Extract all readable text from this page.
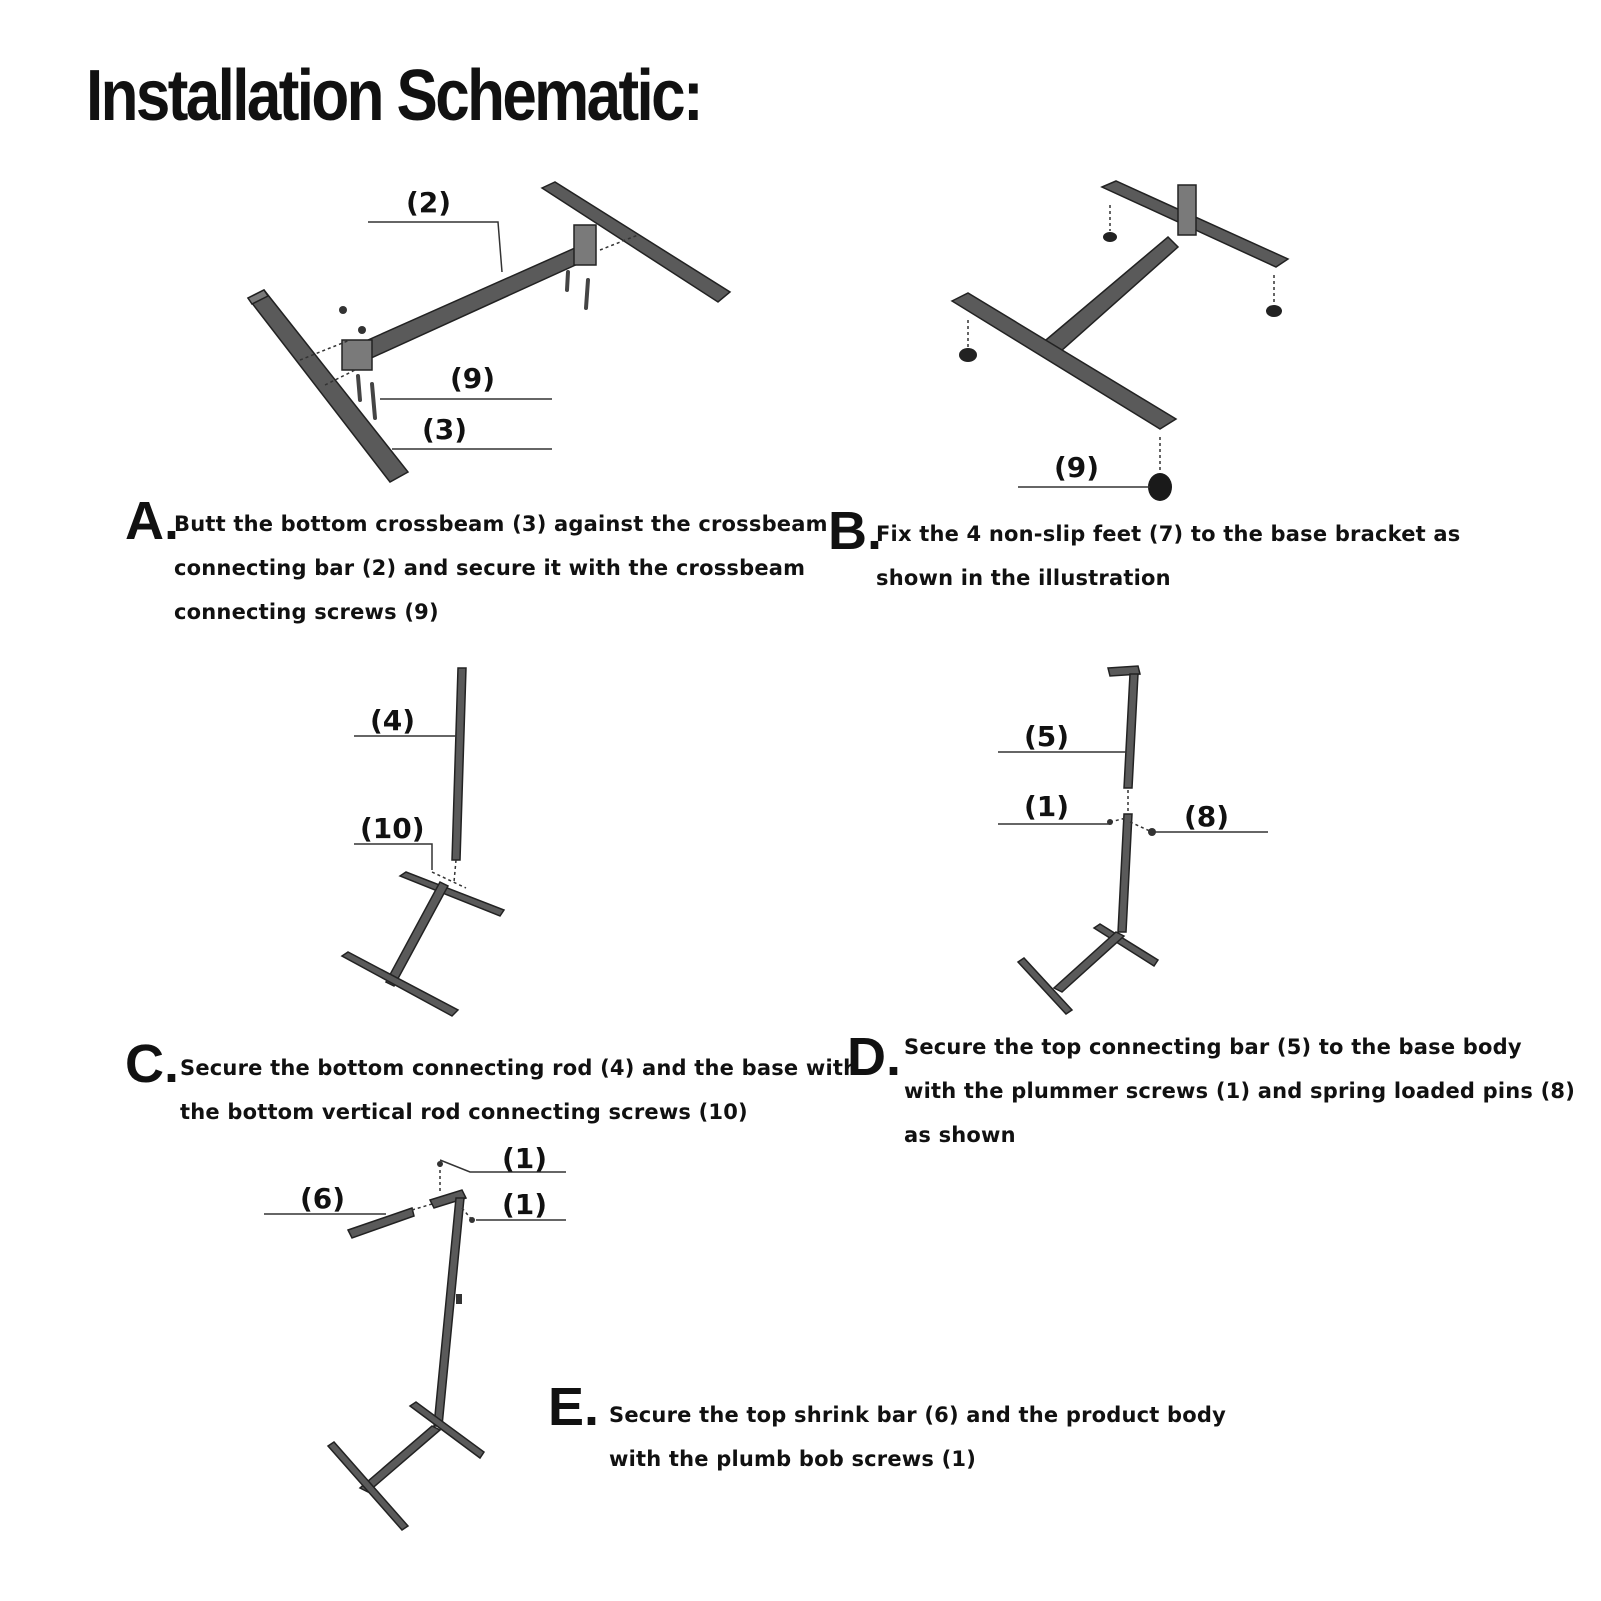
Installation Schematic:
(2)
(9)
(3)
A.
Butt the bottom crossbeam (3) against the crossbeam
connecting bar (2) and secure it with the crossbeam
connecting screws (9)
(9)
B.
Fix the 4 non-slip feet (7) to the base bracket as
shown in the illustration
(4)
(10)
C. Secure the bottom connecting rod (4) and the base with
the bottom vertical rod connecting screws (10)
(5)
(1)	(8)
D. Secure the top connecting bar (5) to the base body
with the plummer screws (1) and spring loaded pins (8)
as shown
(1)
(1)
(6)
E. Secure the top shrink bar (6) and the product body
with the plumb bob screws (1)
